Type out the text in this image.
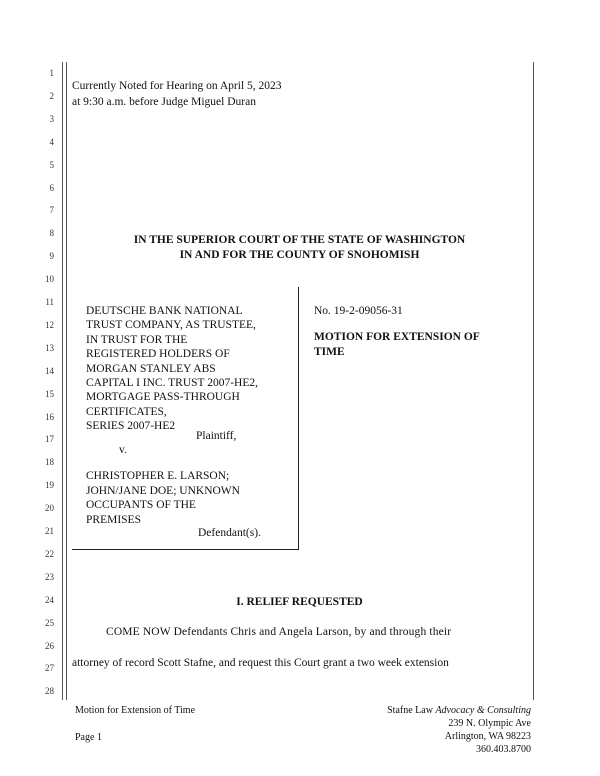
1
2
3
4
5
6
7
8
9
10
11
12
13
14
15
16
17
18
19
20
21
22
23
24
25
26
27
28
Currently Noted for Hearing on April 5, 2023
at 9:30 a.m. before Judge Miguel Duran
IN THE SUPERIOR COURT OF THE STATE OF WASHINGTON
IN AND FOR THE COUNTY OF SNOHOMISH
DEUTSCHE BANK NATIONAL
TRUST COMPANY, AS TRUSTEE,
IN TRUST FOR THE
REGISTERED HOLDERS OF
MORGAN STANLEY ABS
CAPITAL I INC. TRUST 2007-HE2,
MORTGAGE PASS-THROUGH
CERTIFICATES,
SERIES 2007-HE2
Plaintiff,
v.
CHRISTOPHER E. LARSON;
JOHN/JANE DOE; UNKNOWN
OCCUPANTS OF THE
PREMISES
Defendant(s).
No. 19-2-09056-31
MOTION FOR EXTENSION OF
TIME
I. RELIEF REQUESTED
COME NOW Defendants Chris and Angela Larson, by and through their
attorney of record Scott Stafne, and request this Court grant a two week extension
Motion for Extension of Time
Page 1
Stafne Law Advocacy & Consulting
239 N. Olympic Ave
Arlington, WA 98223
360.403.8700
